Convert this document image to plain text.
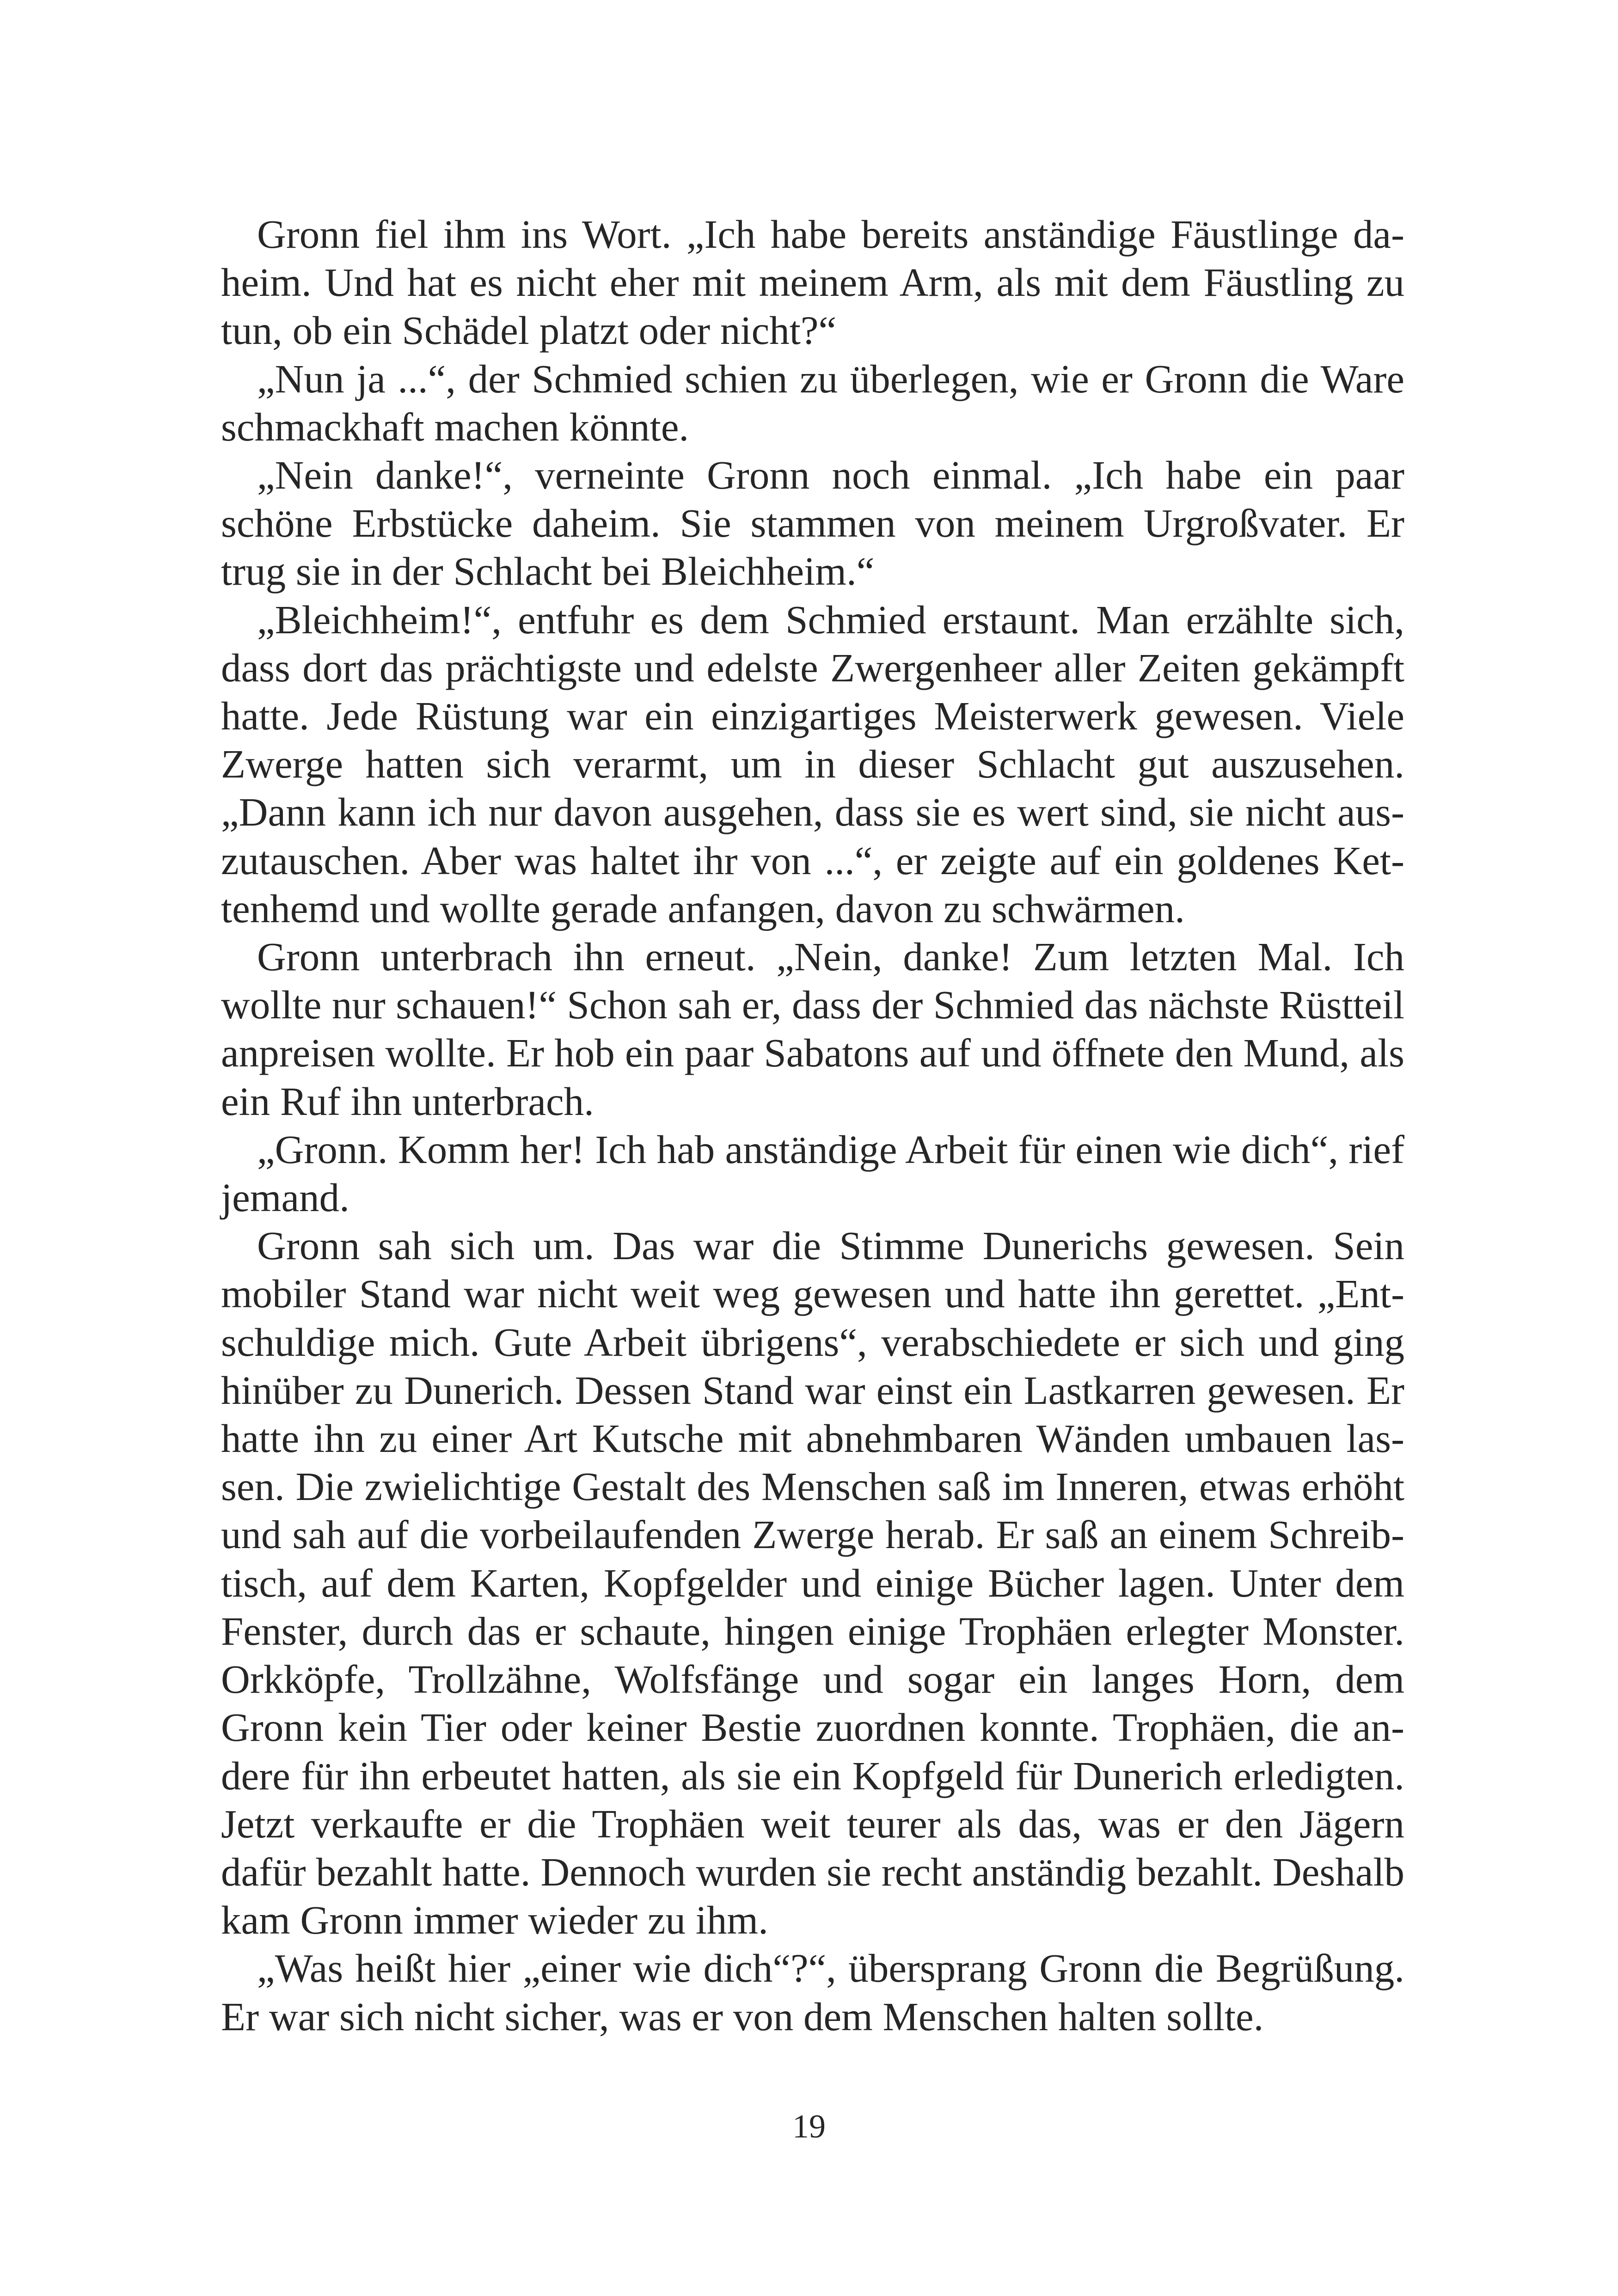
Gronn fiel ihm ins Wort. „Ich habe bereits anständige Fäustlinge daheim. Und hat es nicht eher mit meinem Arm, als mit dem Fäustling zu tun, ob ein Schädel platzt oder nicht?“

„Nun ja ...“, der Schmied schien zu überlegen, wie er Gronn die Ware schmackhaft machen könnte.

„Nein danke!“, verneinte Gronn noch einmal. „Ich habe ein paar schöne Erbstücke daheim. Sie stammen von meinem Urgroßvater. Er trug sie in der Schlacht bei Bleichheim.“

„Bleichheim!“, entfuhr es dem Schmied erstaunt. Man erzählte sich, dass dort das prächtigste und edelste Zwergenheer aller Zeiten gekämpft hatte. Jede Rüstung war ein einzigartiges Meisterwerk gewesen. Viele Zwerge hatten sich verarmt, um in dieser Schlacht gut auszusehen. „Dann kann ich nur davon ausgehen, dass sie es wert sind, sie nicht auszutauschen. Aber was haltet ihr von ...“, er zeigte auf ein goldenes Kettenhemd und wollte gerade anfangen, davon zu schwärmen.

Gronn unterbrach ihn erneut. „Nein, danke! Zum letzten Mal. Ich wollte nur schauen!“ Schon sah er, dass der Schmied das nächste Rüstteil anpreisen wollte. Er hob ein paar Sabatons auf und öffnete den Mund, als ein Ruf ihn unterbrach.

„Gronn. Komm her! Ich hab anständige Arbeit für einen wie dich“, rief jemand.

Gronn sah sich um. Das war die Stimme Dunerichs gewesen. Sein mobiler Stand war nicht weit weg gewesen und hatte ihn gerettet. „Entschuldige mich. Gute Arbeit übrigens“, verabschiedete er sich und ging hinüber zu Dunerich. Dessen Stand war einst ein Lastkarren gewesen. Er hatte ihn zu einer Art Kutsche mit abnehmbaren Wänden umbauen lassen. Die zwielichtige Gestalt des Menschen saß im Inneren, etwas erhöht und sah auf die vorbeilaufenden Zwerge herab. Er saß an einem Schreibtisch, auf dem Karten, Kopfgelder und einige Bücher lagen. Unter dem Fenster, durch das er schaute, hingen einige Trophäen erlegter Monster. Orkköpfe, Trollzähne, Wolfsfänge und sogar ein langes Horn, dem Gronn kein Tier oder keiner Bestie zuordnen konnte. Trophäen, die andere für ihn erbeutet hatten, als sie ein Kopfgeld für Dunerich erledigten. Jetzt verkaufte er die Trophäen weit teurer als das, was er den Jägern dafür bezahlt hatte. Dennoch wurden sie recht anständig bezahlt. Deshalb kam Gronn immer wieder zu ihm.

„Was heißt hier „einer wie dich“?“, übersprang Gronn die Begrüßung. Er war sich nicht sicher, was er von dem Menschen halten sollte.

19
